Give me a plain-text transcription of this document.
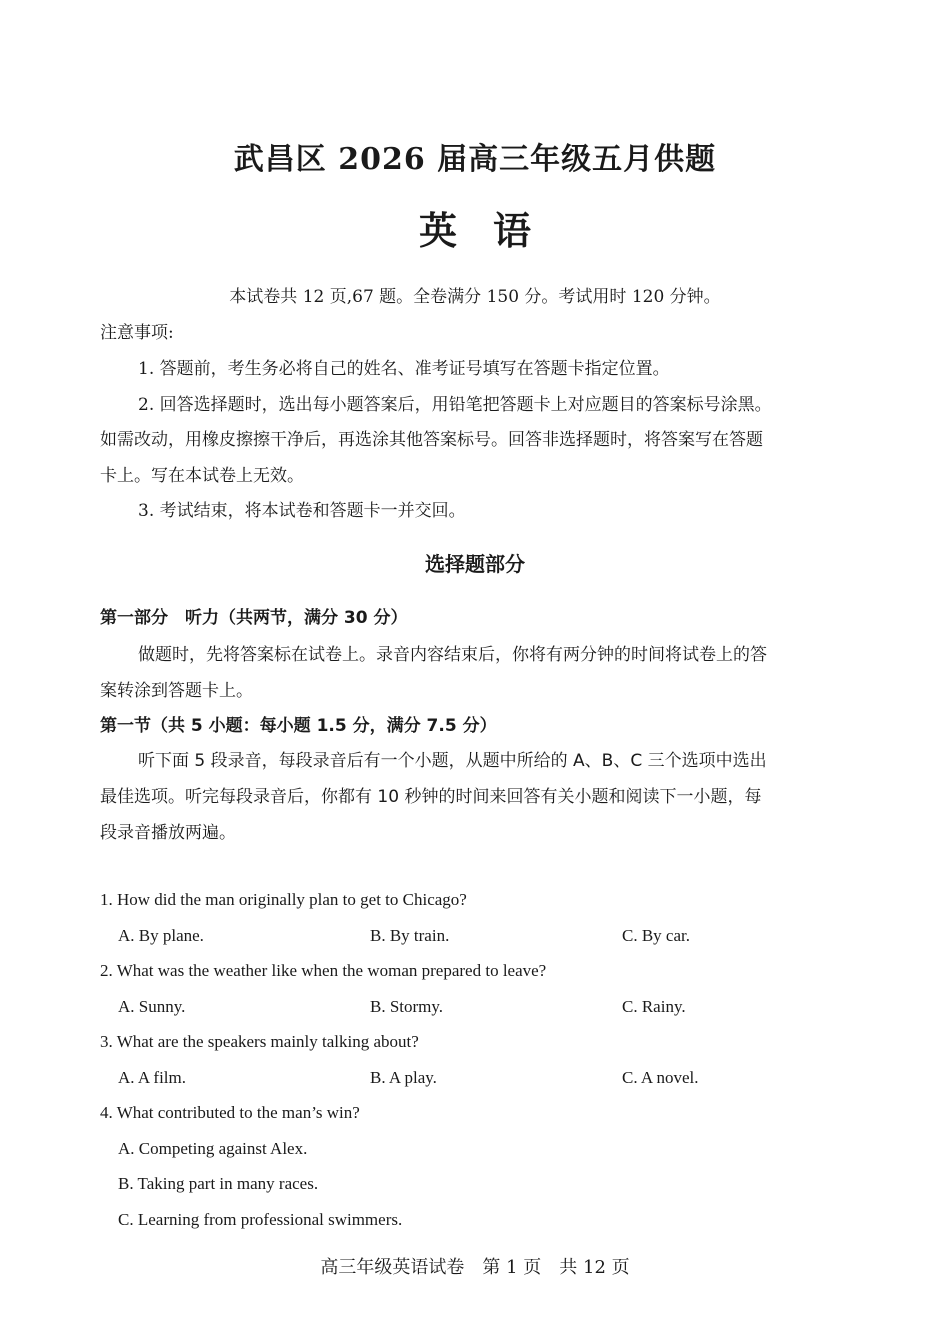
武昌区 2026 届高三年级五月供题
英语
本试卷共 12 页,67 题。全卷满分 150 分。考试用时 120 分钟。
注意事项:
1. 答题前，考生务必将自己的姓名、准考证号填写在答题卡指定位置。
2. 回答选择题时，选出每小题答案后，用铅笔把答题卡上对应题目的答案标号涂黑。
如需改动，用橡皮擦擦干净后，再选涂其他答案标号。回答非选择题时，将答案写在答题
卡上。写在本试卷上无效。
3. 考试结束，将本试卷和答题卡一并交回。
选择题部分
第一部分　听力（共两节，满分 30 分）
做题时，先将答案标在试卷上。录音内容结束后，你将有两分钟的时间将试卷上的答
案转涂到答题卡上。
第一节（共 5 小题：每小题 1.5 分，满分 7.5 分）
听下面 5 段录音，每段录音后有一个小题，从题中所给的 A、B、C 三个选项中选出
最佳选项。听完每段录音后，你都有 10 秒钟的时间来回答有关小题和阅读下一小题，每
段录音播放两遍。
1. How did the man originally plan to get to Chicago?
A. By plane.	B. By train.	C. By car.
2. What was the weather like when the woman prepared to leave?
A. Sunny.	B. Stormy.	C. Rainy.
3. What are the speakers mainly talking about?
A. A film.	B. A play.	C. A novel.
4. What contributed to the man’s win?
A. Competing against Alex.
B. Taking part in many races.
C. Learning from professional swimmers.
高三年级英语试卷　第 1 页　共 12 页
